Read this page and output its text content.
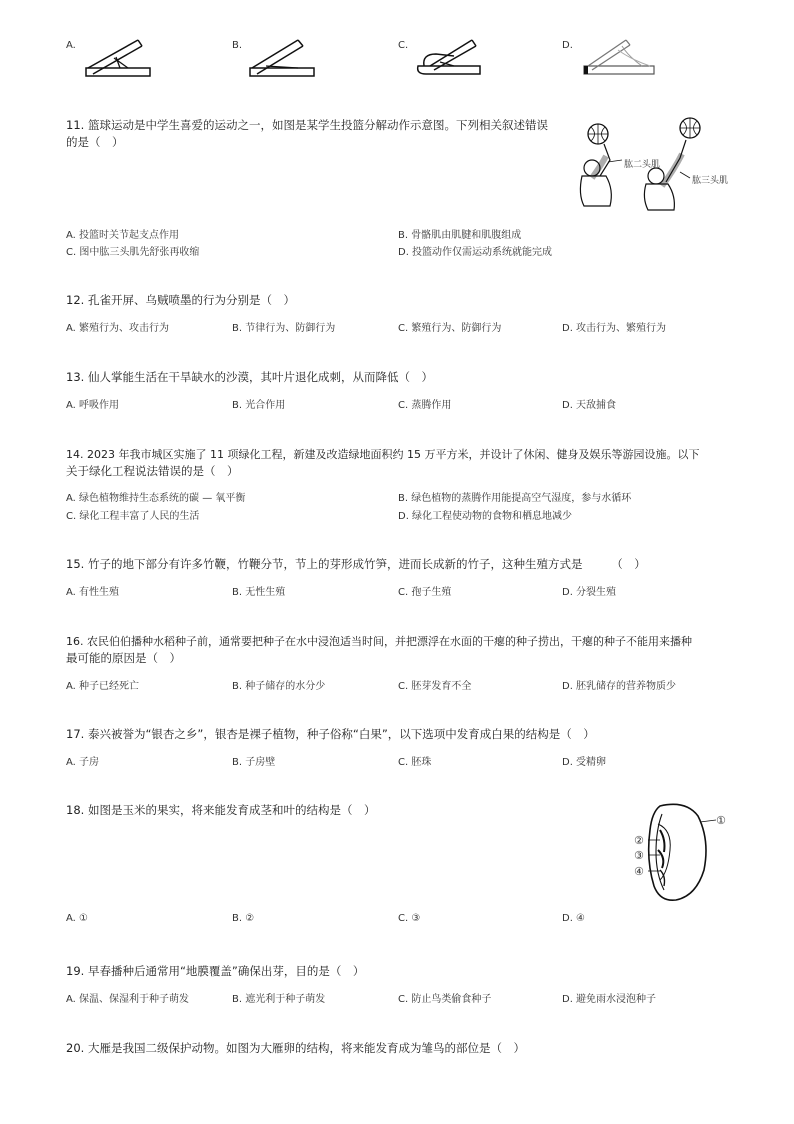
A.	B.	C.	D.
11. 篮球运动是中学生喜爱的运动之一，如图是某学生投篮分解动作示意图。下列相关叙述错误
的是（　）
肱二头肌
肱三头肌
A. 投篮时关节起支点作用	B. 骨骼肌由肌腱和肌腹组成
C. 图中肱三头肌先舒张再收缩	D. 投篮动作仅需运动系统就能完成
12. 孔雀开屏、乌贼喷墨的行为分别是（　）
A. 繁殖行为、攻击行为	B. 节律行为、防御行为	C. 繁殖行为、防御行为	D. 攻击行为、繁殖行为
13. 仙人掌能生活在干旱缺水的沙漠，其叶片退化成刺，从而降低（　）
A. 呼吸作用	B. 光合作用	C. 蒸腾作用	D. 天敌捕食
14. 2023 年我市城区实施了 11 项绿化工程，新建及改造绿地面积约 15 万平方米，并设计了休闲、健身及娱乐等游园设施。以下
关于绿化工程说法错误的是（　）
A. 绿色植物维持生态系统的碳 — 氧平衡	B. 绿色植物的蒸腾作用能提高空气湿度，参与水循环
C. 绿化工程丰富了人民的生活	D. 绿化工程使动物的食物和栖息地减少
15. 竹子的地下部分有许多竹鞭，竹鞭分节，节上的芽形成竹笋，进而长成新的竹子，这种生殖方式是　　　（　）
A. 有性生殖	B. 无性生殖	C. 孢子生殖	D. 分裂生殖
16. 农民伯伯播种水稻种子前，通常要把种子在水中浸泡适当时间，并把漂浮在水面的干瘪的种子捞出，干瘪的种子不能用来播种
最可能的原因是（　）
A. 种子已经死亡	B. 种子储存的水分少	C. 胚芽发育不全	D. 胚乳储存的营养物质少
17. 泰兴被誉为“银杏之乡”，银杏是裸子植物，种子俗称“白果”，以下选项中发育成白果的结构是（　）
A. 子房	B. 子房壁	C. 胚珠	D. 受精卵
18. 如图是玉米的果实，将来能发育成茎和叶的结构是（　）
①
②
③
④
A. ①	B. ②	C. ③	D. ④
19. 早春播种后通常用“地膜覆盖”确保出芽，目的是（　）
A. 保温、保湿利于种子萌发	B. 遮光利于种子萌发	C. 防止鸟类偷食种子	D. 避免雨水浸泡种子
20. 大雁是我国二级保护动物。如图为大雁卵的结构，将来能发育成为雏鸟的部位是（　）
